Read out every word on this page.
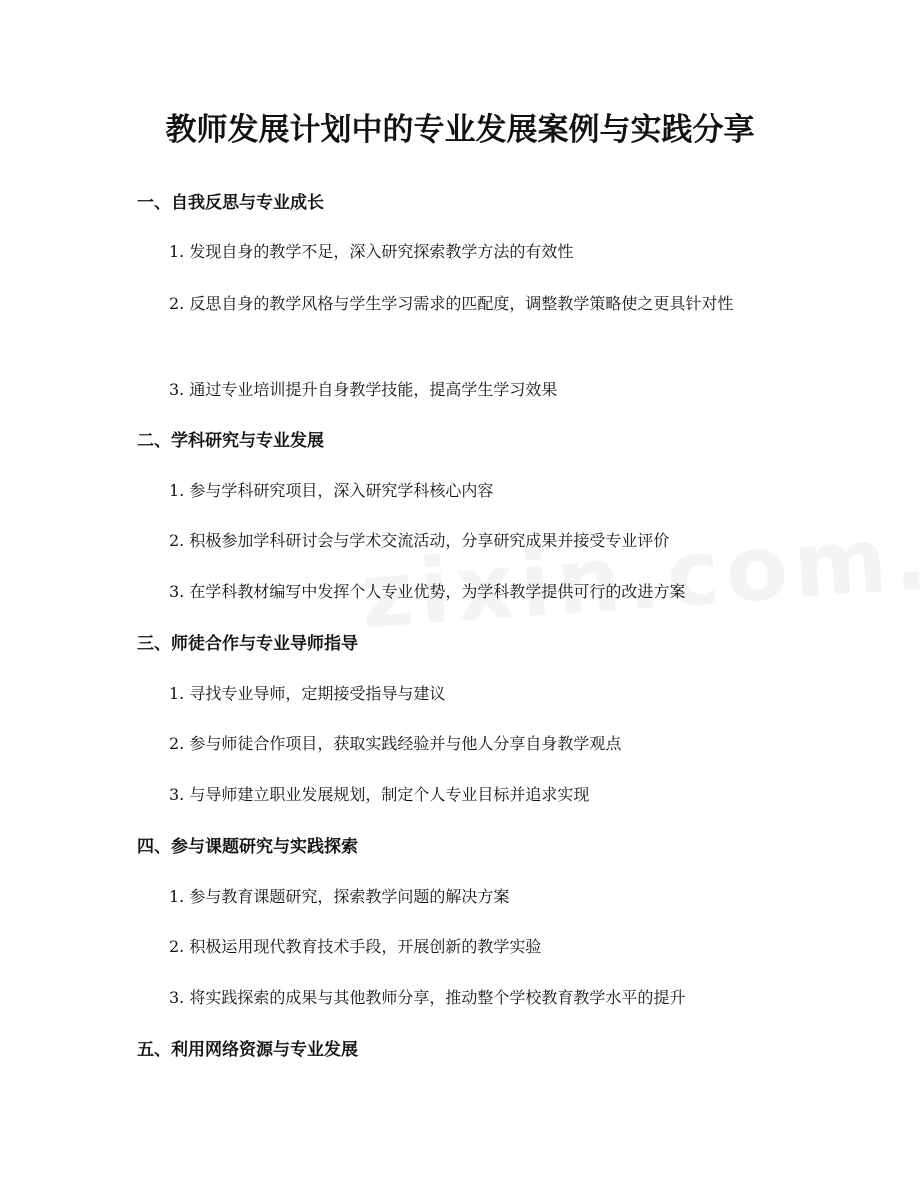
教师发展计划中的专业发展案例与实践分享
一、自我反思与专业成长

1. 发现自身的教学不足，深入研究探索教学方法的有效性

2. 反思自身的教学风格与学生学习需求的匹配度，调整教学策略使之更具针对性

3. 通过专业培训提升自身教学技能，提高学生学习效果

二、学科研究与专业发展

1. 参与学科研究项目，深入研究学科核心内容

2. 积极参加学科研讨会与学术交流活动，分享研究成果并接受专业评价

3. 在学科教材编写中发挥个人专业优势，为学科教学提供可行的改进方案

三、师徒合作与专业导师指导

1. 寻找专业导师，定期接受指导与建议

2. 参与师徒合作项目，获取实践经验并与他人分享自身教学观点

3. 与导师建立职业发展规划，制定个人专业目标并追求实现

四、参与课题研究与实践探索

1. 参与教育课题研究，探索教学问题的解决方案

2. 积极运用现代教育技术手段，开展创新的教学实验

3. 将实践探索的成果与其他教师分享，推动整个学校教育教学水平的提升

五、利用网络资源与专业发展
